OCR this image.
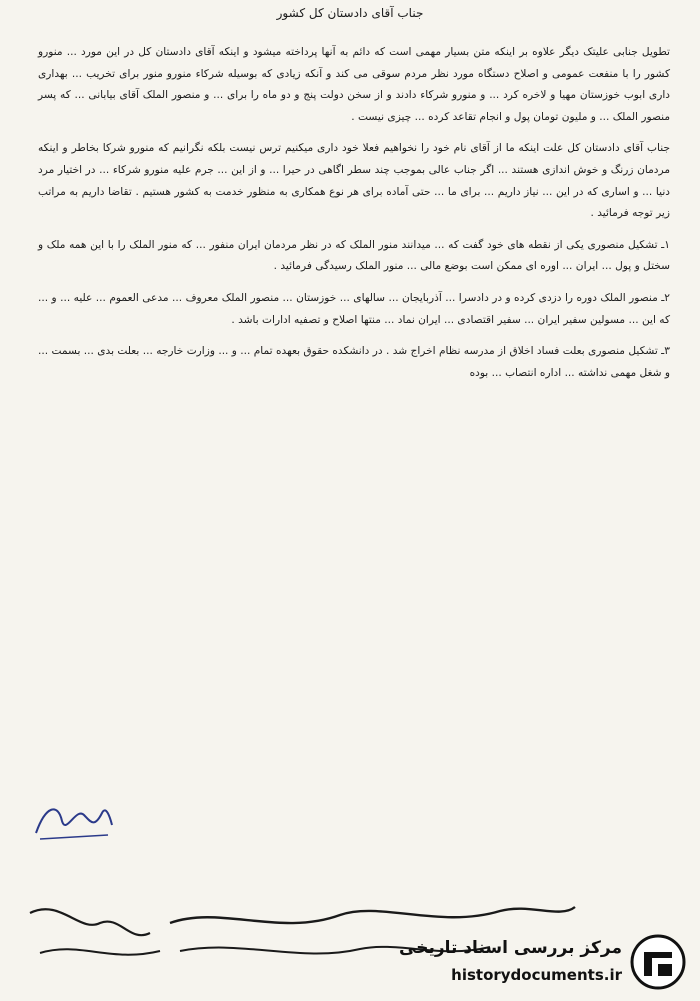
جناب آقای دادستان کل کشور

تطویل جنابی علیتک دیگر علاوه بر اینکه متن بسیار مهمی است که دائم به آنها پرداخته میشود و اینکه آقای دادستان کل در این مورد ... منورو کشور را با منفعت عمومی و اصلاح دستگاه مورد نظر مردم سوقی می کند و آنکه زیادی که بوسیله شرکاء منورو منور برای تخریب ... بهداری داری ابوب خوزستان مهیا و لاخره کرد ... و منورو شرکاء دادند و از سخن دولت پنج و دو ماه را برای ... و منصور الملک آقای بیابانی ... که پسر منصور الملک ... و ملیون تومان پول و انجام تقاعد کرده ... چیزی نیست .

جناب آقای دادستان کل علت اینکه ما از آقای نام خود را نخواهیم فعلا خود داری میکنیم ترس نیست بلکه نگرانیم که منورو شرکا بخاطر و اینکه مردمان زرنگ و خوش اندازی هستند ... اگر جناب عالی بموجب چند سطر اگاهی در حیرا ... و از این ... جرم علیه منورو شرکاء ... در اختیار مرد دنیا ... و اساری که در این ... نیاز داریم ... برای ما ... حتی آماده برای هر نوع همکاری به منظور خدمت به کشور هستیم . تقاضا داریم به مراتب زیر توجه فرمائید .

۱ـ تشکیل منصوری یکی از نقطه های خود گفت که ... میدانند منور الملک که در نظر مردمان ایران منفور ... که منور الملک را با این همه ملک و سختل و پول ... ایران ... اوره ای ممکن است بوضع مالی ... منور الملک رسیدگی فرمائید .

۲ـ منصور الملک دوره را دزدی کرده و در دادسرا ... آذربایجان ... سالهای ... خوزستان ... منصور الملک معروف ... مدعی العموم ... علیه ... و ... که این ... مسولین سفیر ایران ... سفیر اقتصادی ... ایران نماد ... منتها اصلاح و تصفیه ادارات باشد .

۳ـ تشکیل منصوری بعلت فساد اخلاق از مدرسه نظام اخراج شد . در دانشکده حقوق بعهده تمام ... و ... وزارت خارجه ... بعلت بدی ... بسمت ... و شغل مهمی نداشته ... اداره انتصاب ... بوده

مرکز بررسی اسناد تاریخی
historydocuments.ir
